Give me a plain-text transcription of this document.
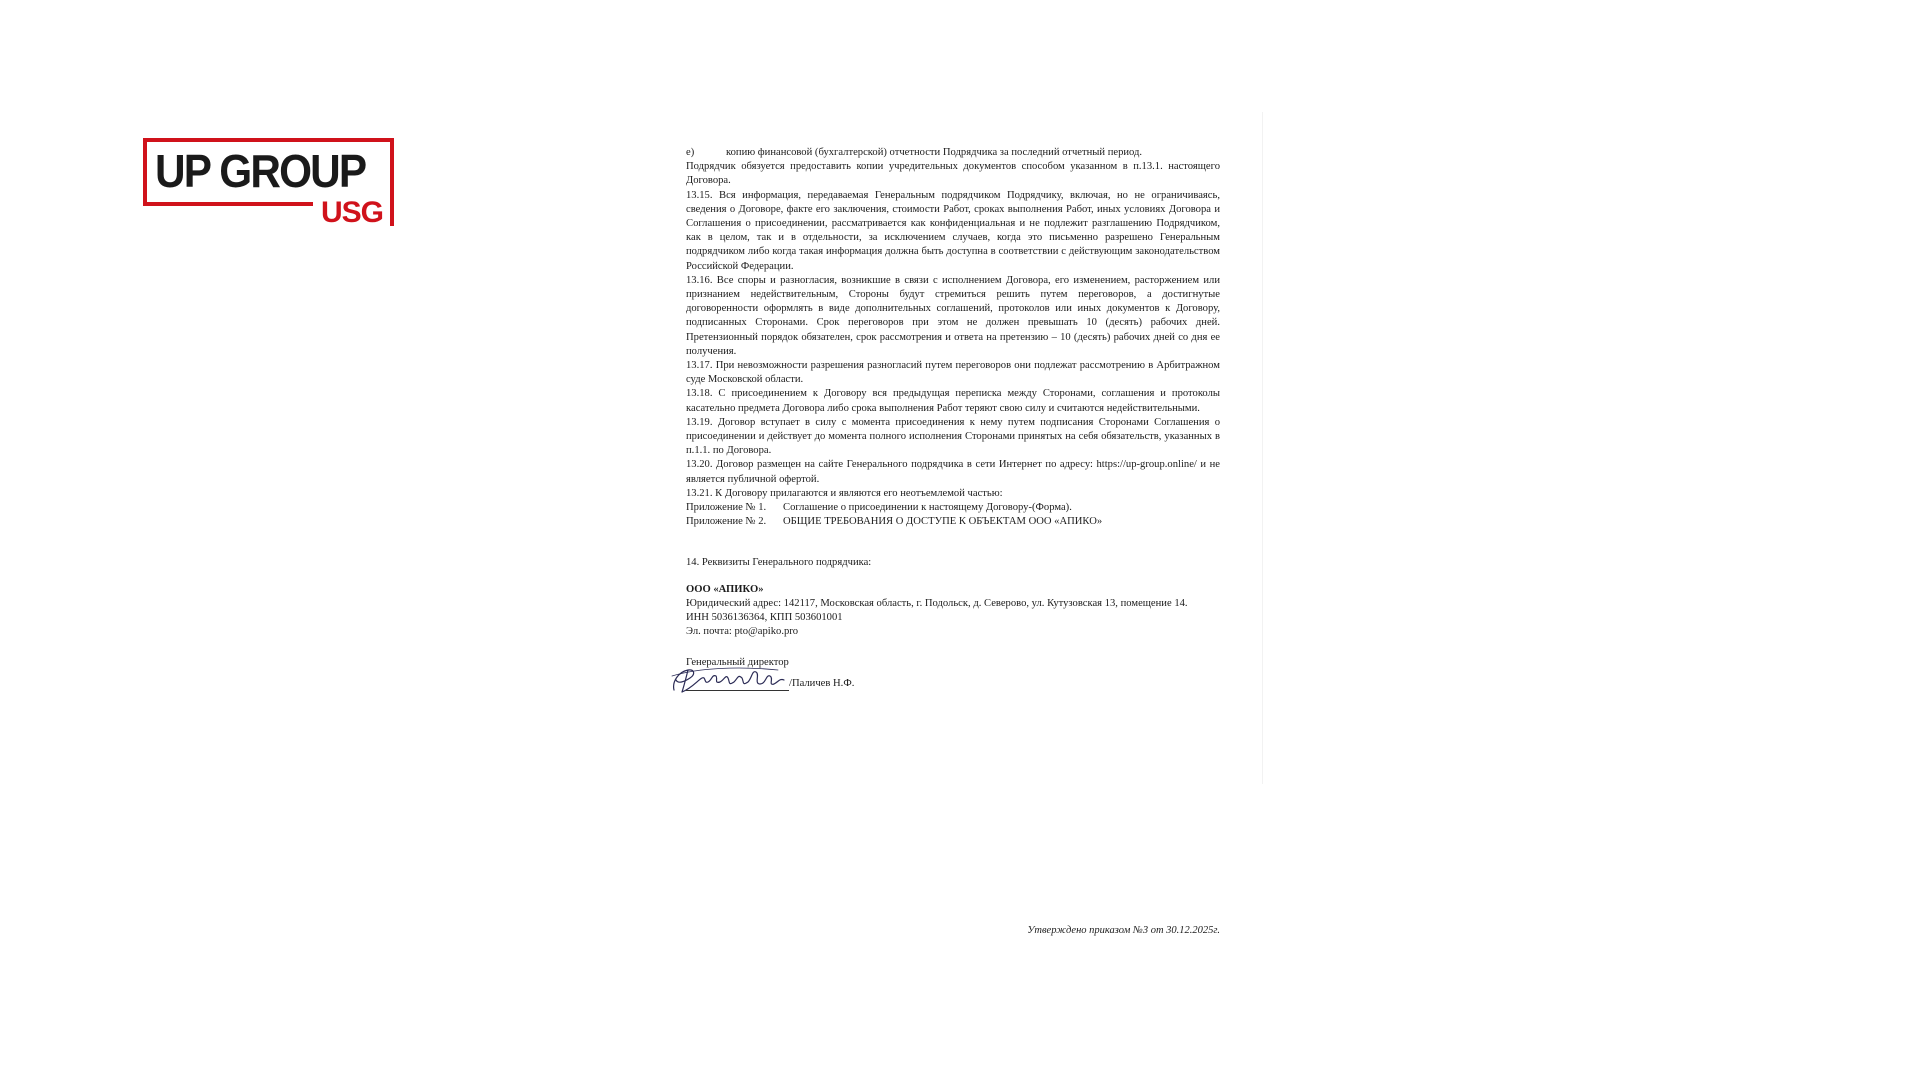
UP GROUP
USG

е)	копию финансовой (бухгалтерской) отчетности Подрядчика за последний отчетный период.

Подрядчик обязуется предоставить копии учредительных документов способом указанном в п.13.1. настоящего Договора.

13.15. Вся информация, передаваемая Генеральным подрядчиком Подрядчику, включая, но не ограничиваясь, сведения о Договоре, факте его заключения, стоимости Работ, сроках выполнения Работ, иных условиях Договора и Соглашения о присоединении, рассматривается как конфиденциальная и не подлежит разглашению Подрядчиком, как в целом, так и в отдельности, за исключением случаев, когда это письменно разрешено Генеральным подрядчиком либо когда такая информация должна быть доступна в соответствии с действующим законодательством Российской Федерации.

13.16. Все споры и разногласия, возникшие в связи с исполнением Договора, его изменением, расторжением или признанием недействительным, Стороны будут стремиться решить путем переговоров, а достигнутые договоренности оформлять в виде дополнительных соглашений, протоколов или иных документов к Договору, подписанных Сторонами. Срок переговоров при этом не должен превышать 10 (десять) рабочих дней. Претензионный порядок обязателен, срок рассмотрения и ответа на претензию – 10 (десять) рабочих дней со дня ее получения.

13.17. При невозможности разрешения разногласий путем переговоров они подлежат рассмотрению в Арбитражном суде Московской области.

13.18. С присоединением к Договору вся предыдущая переписка между Сторонами, соглашения и протоколы касательно предмета Договора либо срока выполнения Работ теряют свою силу и считаются недействительными.

13.19. Договор вступает в силу с момента присоединения к нему путем подписания Сторонами Соглашения о присоединении и действует до момента полного исполнения Сторонами принятых на себя обязательств, указанных в п.1.1. по Договора.

13.20. Договор размещен на сайте Генерального подрядчика в сети Интернет по адресу: https://up-group.online/ и не является публичной офертой.

13.21. К Договору прилагаются и являются его неотъемлемой частью:

Приложение № 1. Соглашение о присоединении к настоящему Договору-(Форма).

Приложение № 2. ОБЩИЕ ТРЕБОВАНИЯ О ДОСТУПЕ К ОБЪЕКТАМ ООО «АПИКО»

14. Реквизиты Генерального подрядчика:

ООО «АПИКО»

Юридический адрес: 142117, Московская область, г. Подольск, д. Северово, ул. Кутузовская 13, помещение 14.

ИНН 5036136364, КПП 503601001

Эл. почта: pto@apiko.pro

Генеральный директор
/Паличев Н.Ф.
Утверждено приказом №3 от 30.12.2025г.
